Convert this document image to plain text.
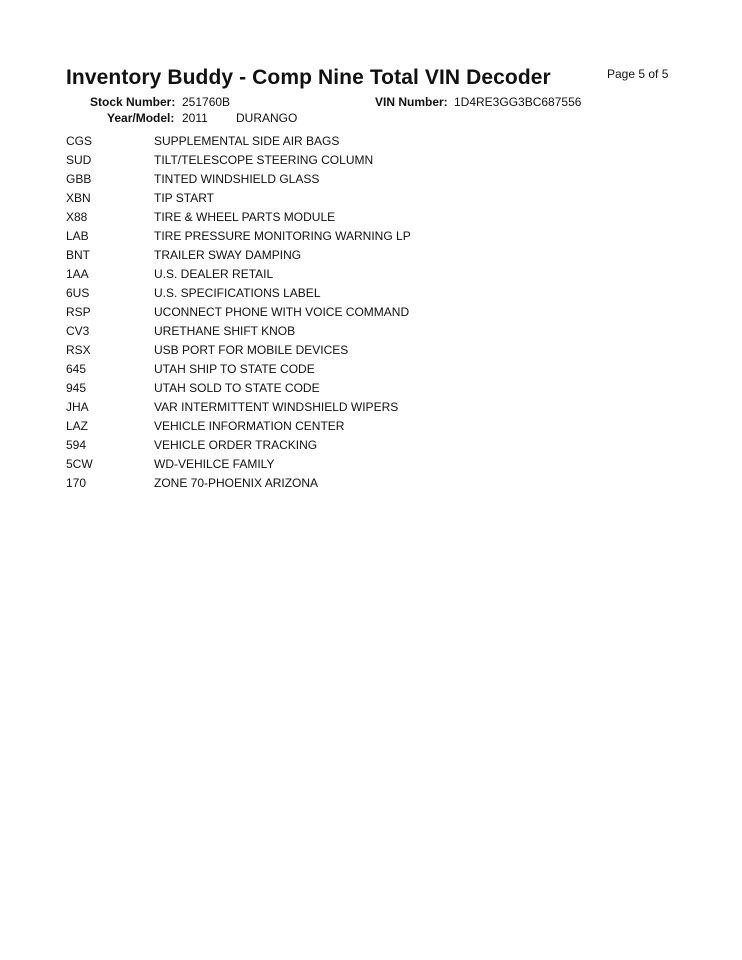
Inventory Buddy - Comp Nine Total VIN Decoder	Page 5 of 5
Stock Number: 251760B	VIN Number: 1D4RE3GG3BC687556
Year/Model: 2011 DURANGO
CGS	SUPPLEMENTAL SIDE AIR BAGS
SUD	TILT/TELESCOPE STEERING COLUMN
GBB	TINTED WINDSHIELD GLASS
XBN	TIP START
X88	TIRE & WHEEL PARTS MODULE
LAB	TIRE PRESSURE MONITORING WARNING LP
BNT	TRAILER SWAY DAMPING
1AA	U.S. DEALER RETAIL
6US	U.S. SPECIFICATIONS LABEL
RSP	UCONNECT PHONE WITH VOICE COMMAND
CV3	URETHANE SHIFT KNOB
RSX	USB PORT FOR MOBILE DEVICES
645	UTAH SHIP TO STATE CODE
945	UTAH SOLD TO STATE CODE
JHA	VAR INTERMITTENT WINDSHIELD WIPERS
LAZ	VEHICLE INFORMATION CENTER
594	VEHICLE ORDER TRACKING
5CW	WD-VEHILCE FAMILY
170	ZONE 70-PHOENIX ARIZONA
